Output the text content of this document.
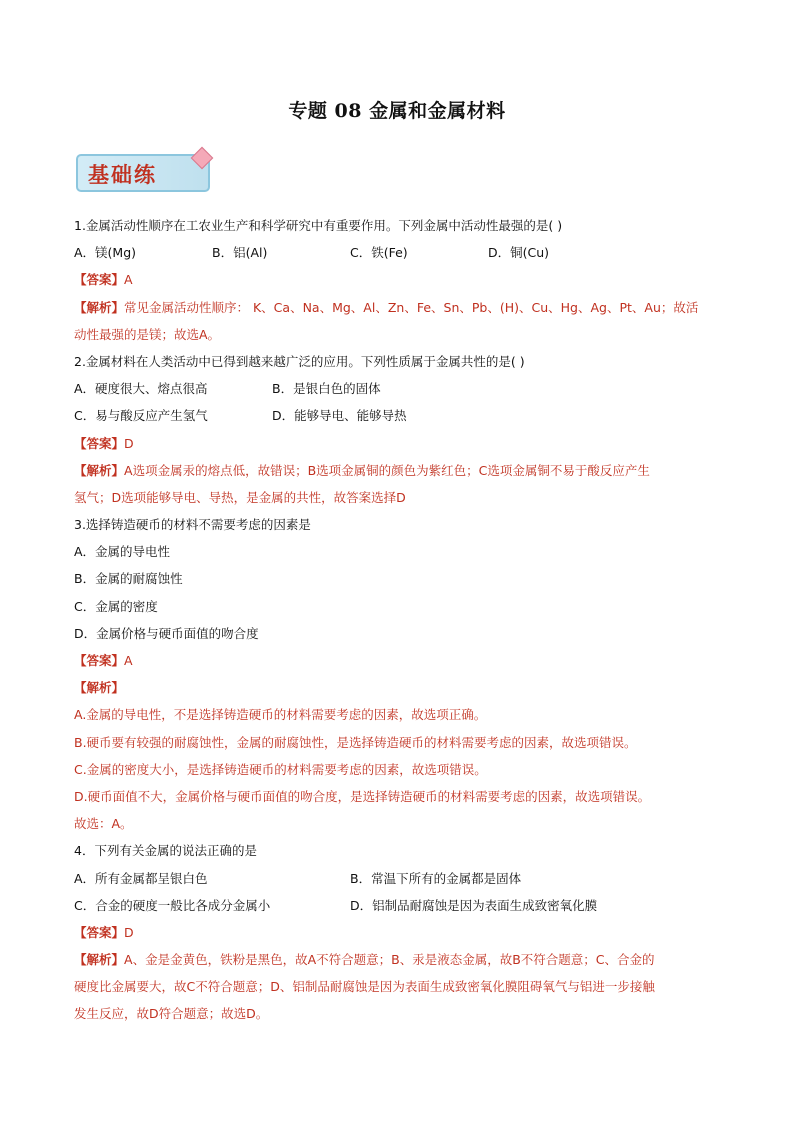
专题 08 金属和金属材料
基础练
1.金属活动性顺序在工农业生产和科学研究中有重要作用。下列金属中活动性最强的是( )
A．镁(Mg)	B．铝(Al)	C．铁(Fe)	D．铜(Cu)
【答案】A
【解析】常见金属活动性顺序： K、Ca、Na、Mg、Al、Zn、Fe、Sn、Pb、(H)、Cu、Hg、Ag、Pt、Au；故活
动性最强的是镁；故选A。
2.金属材料在人类活动中已得到越来越广泛的应用。下列性质属于金属共性的是( )
A．硬度很大、熔点很高	B．是银白色的固体
C．易与酸反应产生氢气	D．能够导电、能够导热
【答案】D
【解析】A选项金属汞的熔点低，故错误；B选项金属铜的颜色为紫红色；C选项金属铜不易于酸反应产生
氢气；D选项能够导电、导热，是金属的共性，故答案选择D
3.选择铸造硬币的材料不需要考虑的因素是
A．金属的导电性
B．金属的耐腐蚀性
C．金属的密度
D．金属价格与硬币面值的吻合度
【答案】A
【解析】
A.金属的导电性，不是选择铸造硬币的材料需要考虑的因素，故选项正确。
B.硬币要有较强的耐腐蚀性，金属的耐腐蚀性，是选择铸造硬币的材料需要考虑的因素，故选项错误。
C.金属的密度大小，是选择铸造硬币的材料需要考虑的因素，故选项错误。
D.硬币面值不大，金属价格与硬币面值的吻合度，是选择铸造硬币的材料需要考虑的因素，故选项错误。
故选：A。
4．下列有关金属的说法正确的是
A．所有金属都呈银白色	B．常温下所有的金属都是固体
C．合金的硬度一般比各成分金属小	D．铝制品耐腐蚀是因为表面生成致密氧化膜
【答案】D
【解析】A、金是金黄色，铁粉是黑色，故A不符合题意；B、汞是液态金属，故B不符合题意；C、合金的
硬度比金属要大，故C不符合题意；D、铝制品耐腐蚀是因为表面生成致密氧化膜阻碍氧气与铝进一步接触
发生反应，故D符合题意；故选D。
